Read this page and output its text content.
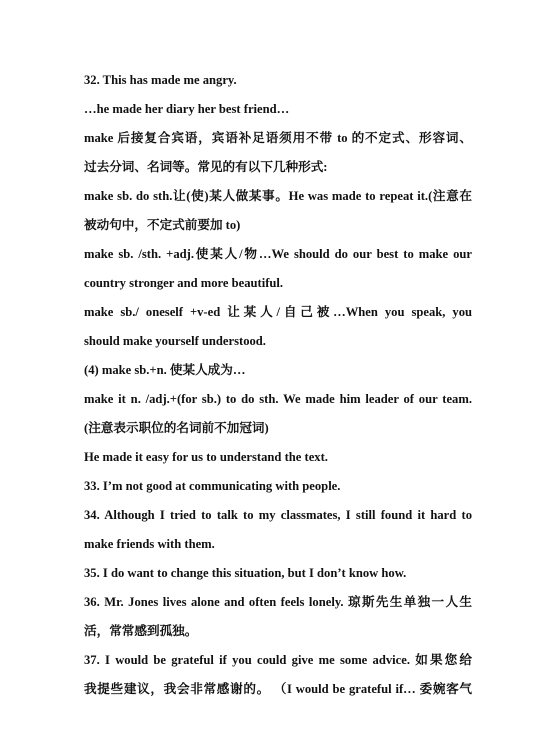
32. This has made me angry.
…he made her diary her best friend…
make 后接复合宾语，宾语补足语须用不带 to 的不定式、形容词、
过去分词、名词等。常见的有以下几种形式:
make sb. do sth.让(使)某人做某事。He was made to repeat it.(注意在
被动句中，不定式前要加 to)
make sb. /sth. +adj.使某人/物…We should do our best to make our
country stronger and more beautiful.
make sb./ oneself +v-ed 让某人/自己被…When you speak, you
should make yourself understood.
(4) make sb.+n. 使某人成为…
make it n. /adj.+(for sb.) to do sth. We made him leader of our team.
(注意表示职位的名词前不加冠词)
He made it easy for us to understand the text.
33. I’m not good at communicating with people.
34. Although I tried to talk to my classmates, I still found it hard to
make friends with them.
35. I do want to change this situation, but I don’t know how.
36. Mr. Jones lives alone and often feels lonely. 琼斯先生单独一人生
活，常常感到孤独。
37. I would be grateful if you could give me some advice. 如果您给
我提些建议，我会非常感谢的。 （I would be grateful if… 委婉客气
